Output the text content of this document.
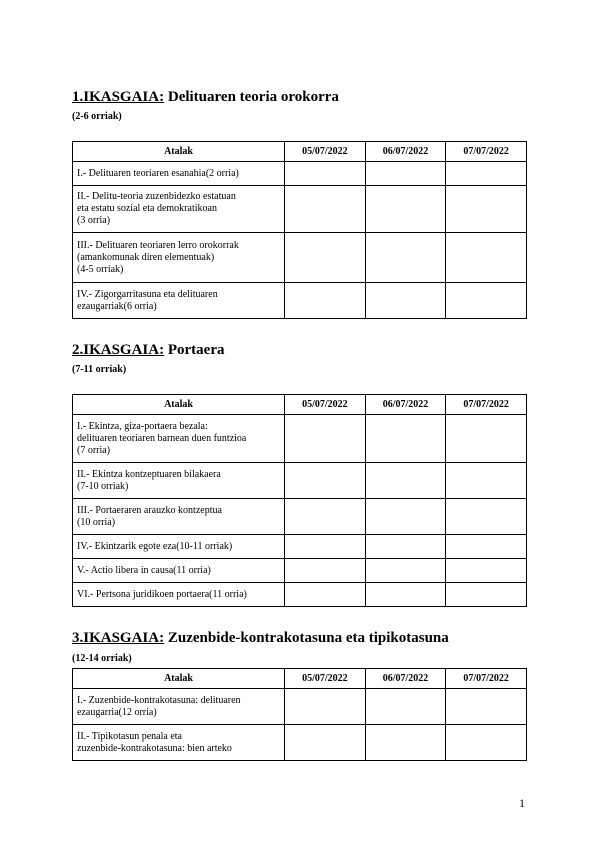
1.IKASGAIA: Delituaren teoria orokorra

(2-6 orriak)

Atalak	05/07/2022	06/07/2022	07/07/2022
I.- Delituaren teoriaren esanahia(2 orria)			
II.- Delitu-teoria zuzenbidezko estatuan
eta estatu sozial eta demokratikoan
(3 orria)			
III.- Delituaren teoriaren lerro orokorrak
(amankomunak diren elementuak)
(4-5 orriak)			
IV.- Zigorgarritasuna eta delituaren
ezaugarriak(6 orria)			

2.IKASGAIA: Portaera

(7-11 orriak)

Atalak	05/07/2022	06/07/2022	07/07/2022
I.- Ekintza, giza-portaera bezala:
delituaren teoriaren barnean duen funtzioa
(7 orria)			
II.- Ekintza kontzeptuaren bilakaera
(7-10 orriak)			
III.- Portaeraren arauzko kontzeptua
(10 orria)			
IV.- Ekintzarik egote eza(10-11 orriak)			
V.- Actio libera in causa(11 orria)			
VI.- Pertsona juridikoen portaera(11 orria)			

3.IKASGAIA: Zuzenbide-kontrakotasuna eta tipikotasuna

(12-14 orriak)

Atalak	05/07/2022	06/07/2022	07/07/2022
I.- Zuzenbide-kontrakotasuna: delituaren
ezaugarria(12 orria)			
II.- Tipikotasun penala eta
zuzenbide-kontrakotasuna: bien arteko			
1
